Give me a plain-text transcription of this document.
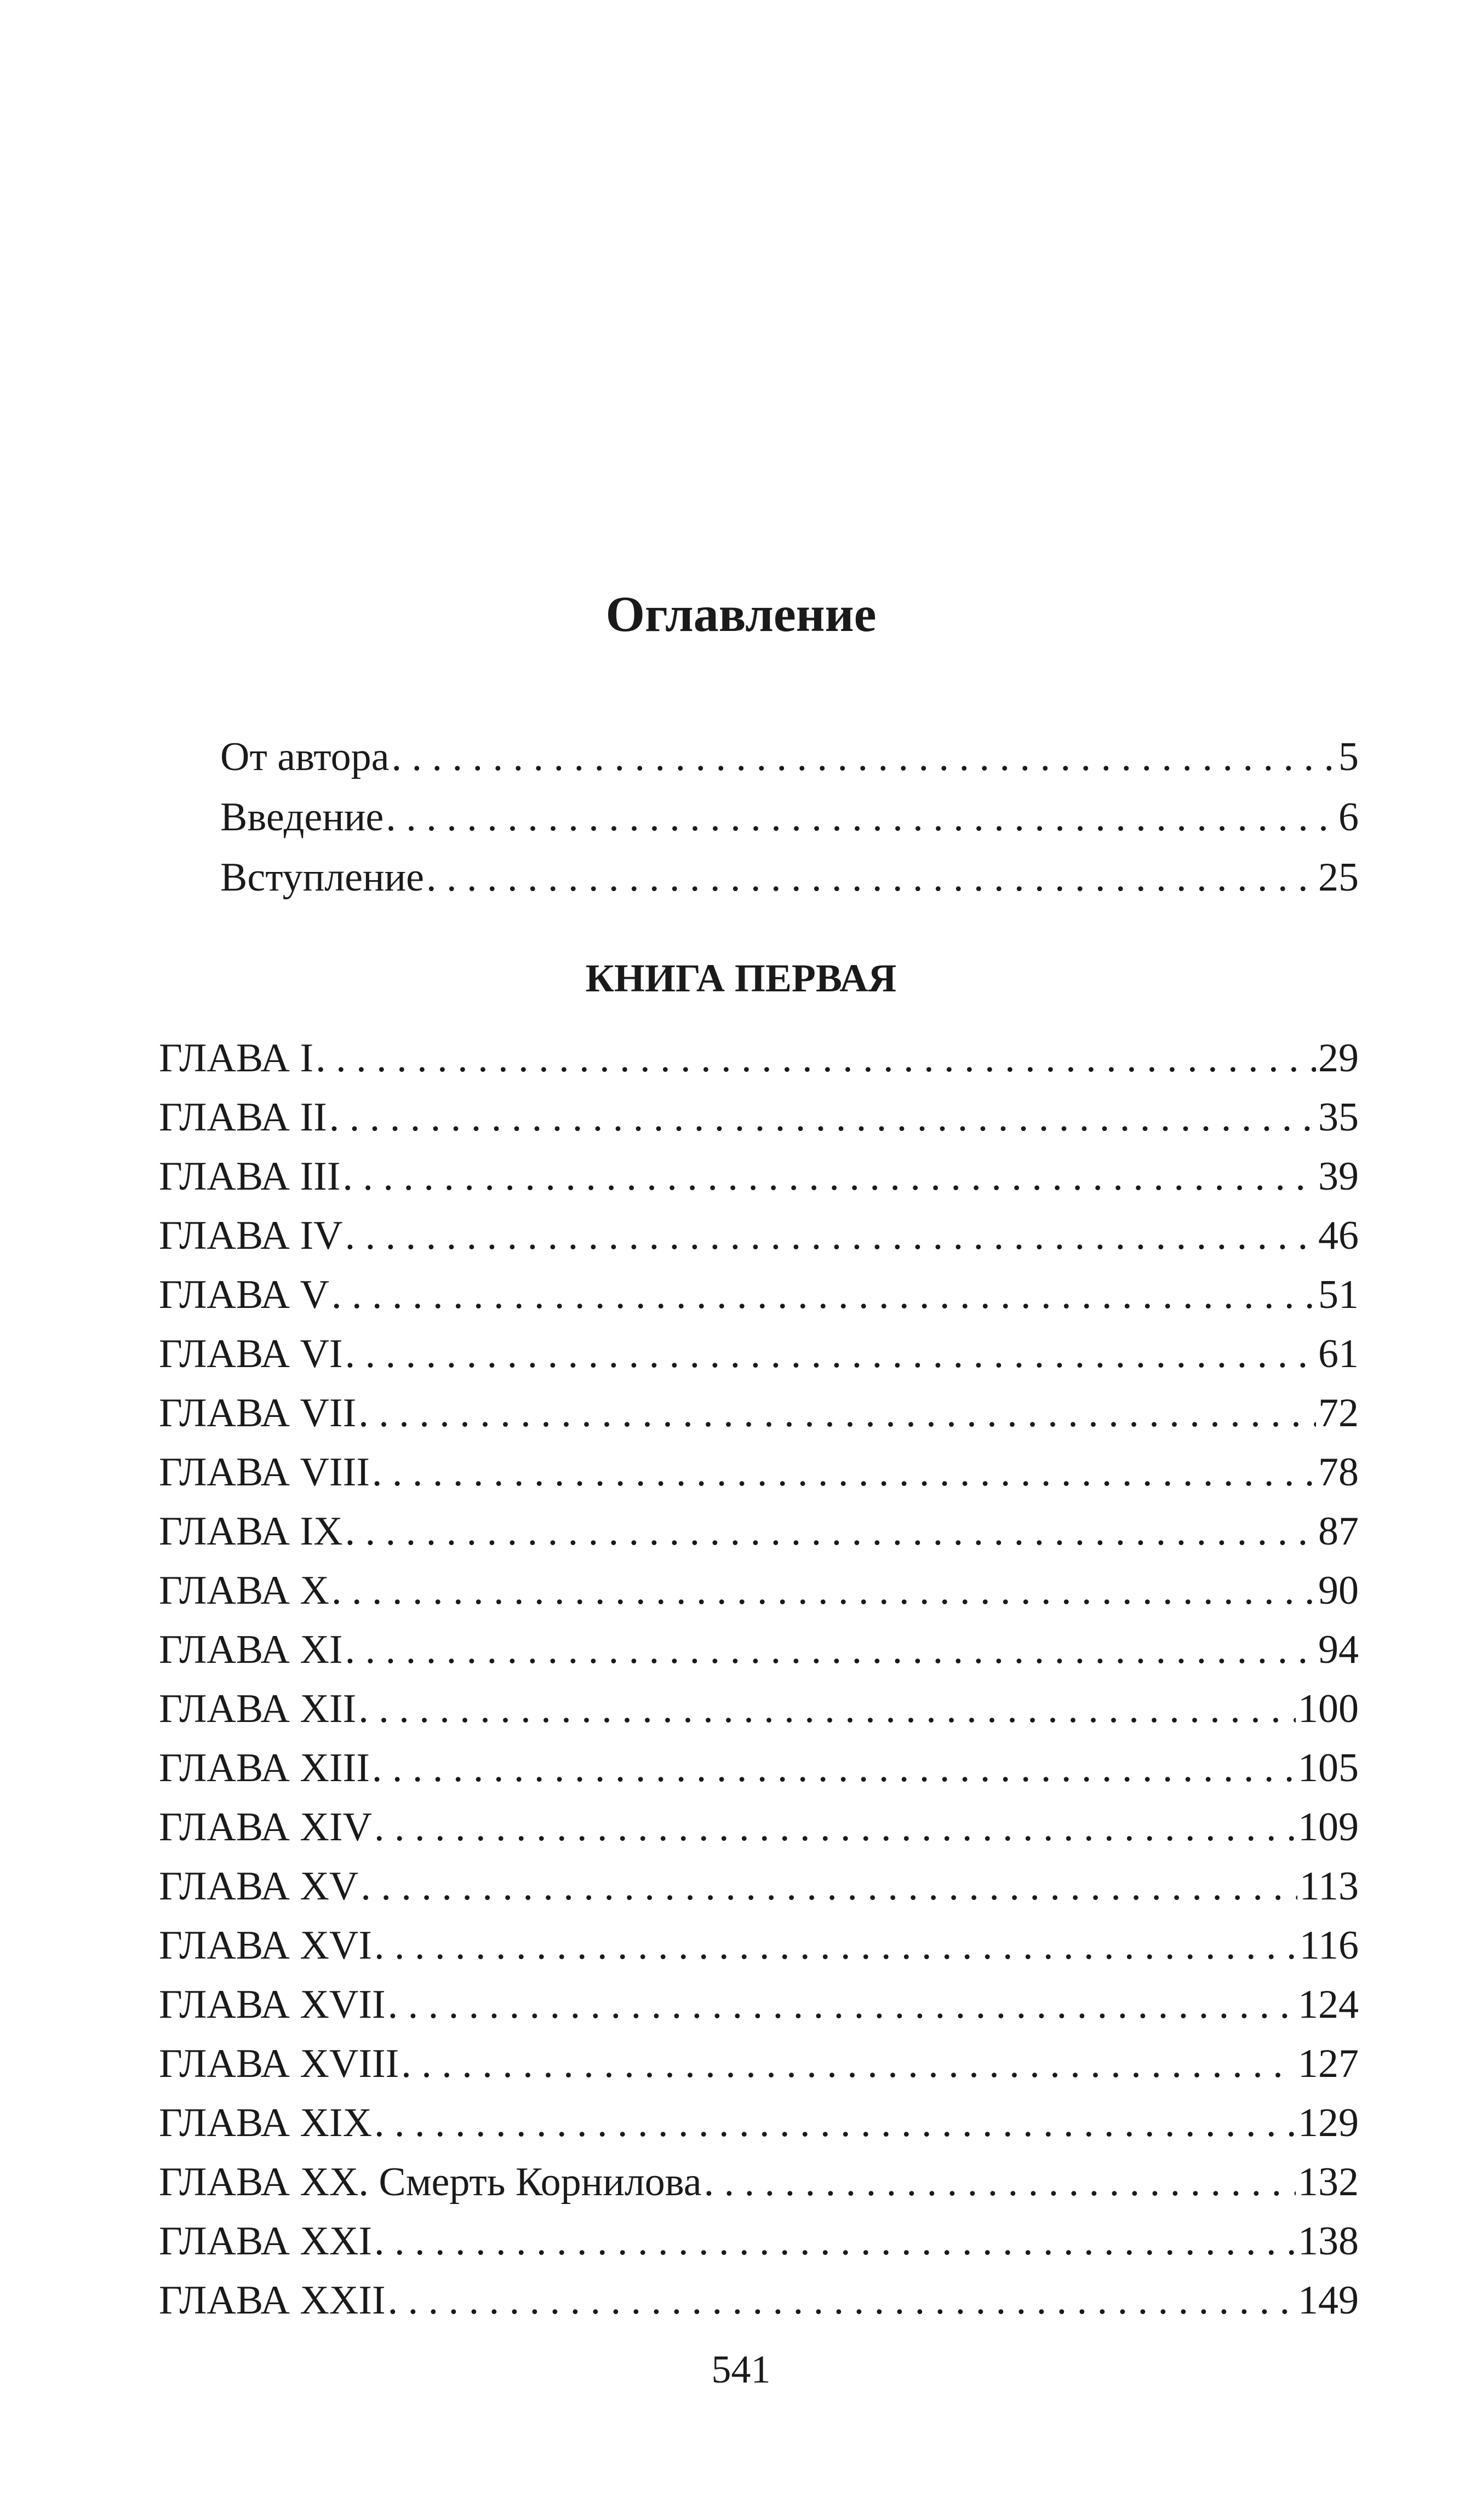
Оглавление
От автора . . .	5
Введение . . .	6
Вступление . . .	25
КНИГА ПЕРВАЯ
ГЛАВА I . . .	29
ГЛАВА II . . .	35
ГЛАВА III . . .	39
ГЛАВА IV . . .	46
ГЛАВА V . . .	51
ГЛАВА VI . . .	61
ГЛАВА VII . . .	72
ГЛАВА VIII . . .	78
ГЛАВА IX . . .	87
ГЛАВА X . . .	90
ГЛАВА XI . . .	94
ГЛАВА XII . . .	100
ГЛАВА XIII . . .	105
ГЛАВА XIV . . .	109
ГЛАВА XV . . .	113
ГЛАВА XVI . . .	116
ГЛАВА XVII . . .	124
ГЛАВА XVIII . . .	127
ГЛАВА XIX . . .	129
ГЛАВА XX. Смерть Корнилова . . .	132
ГЛАВА XXI . . .	138
ГЛАВА XXII . . .	149
541
